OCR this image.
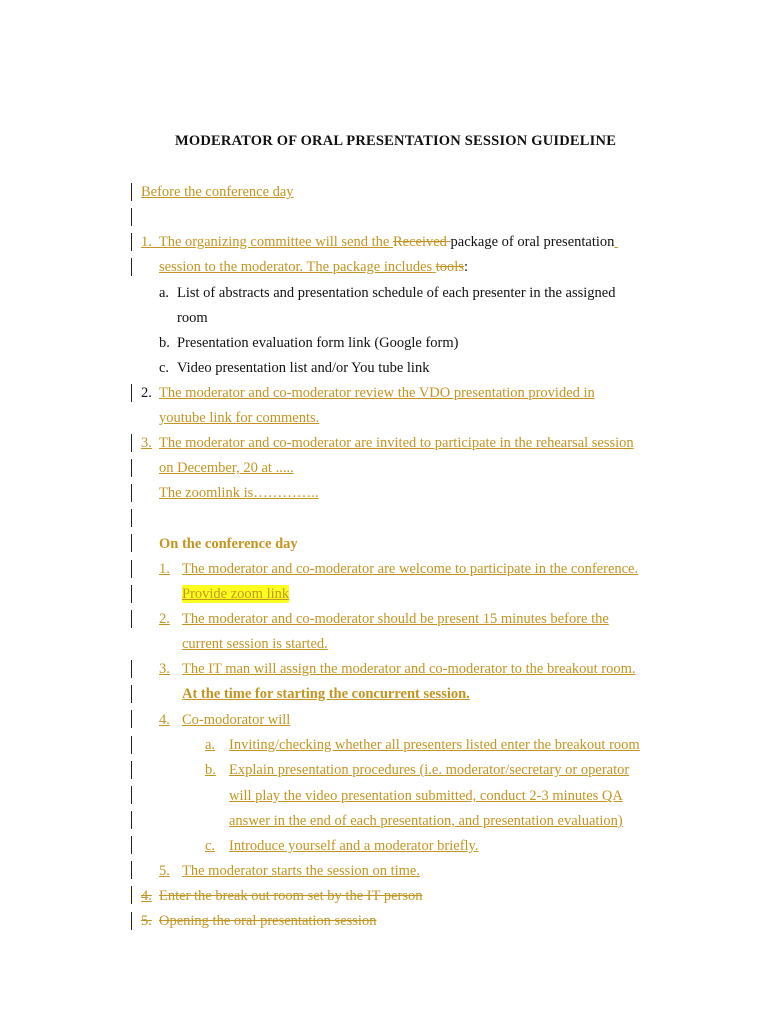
MODERATOR OF ORAL PRESENTATION SESSION GUIDELINE
Before the conference day
1. The organizing committee will send the Received package of oral presentation
session to the moderator. The package includes tools:
a. List of abstracts and presentation schedule of each presenter in the assigned
room
b. Presentation evaluation form link (Google form)
c. Video presentation list and/or You tube link
2. The moderator and co-moderator review the VDO presentation provided in
youtube link for comments.
3. The moderator and co-moderator are invited to participate in the rehearsal session
on December, 20 at .....
The zoomlink is…………..
On the conference day
1. The moderator and co-moderator are welcome to participate in the conference.
Provide zoom link
2. The moderator and co-moderator should be present 15 minutes before the
current session is started.
3. The IT man will assign the moderator and co-moderator to the breakout room.
At the time for starting the concurrent session.
4. Co-modorator will
a. Inviting/checking whether all presenters listed enter the breakout room
b. Explain presentation procedures (i.e. moderator/secretary or operator
will play the video presentation submitted, conduct 2-3 minutes QA
answer in the end of each presentation, and presentation evaluation)
c. Introduce yourself and a moderator briefly.
5. The moderator starts the session on time.
4. Enter the break out room set by the IT person
5. Opening the oral presentation session
